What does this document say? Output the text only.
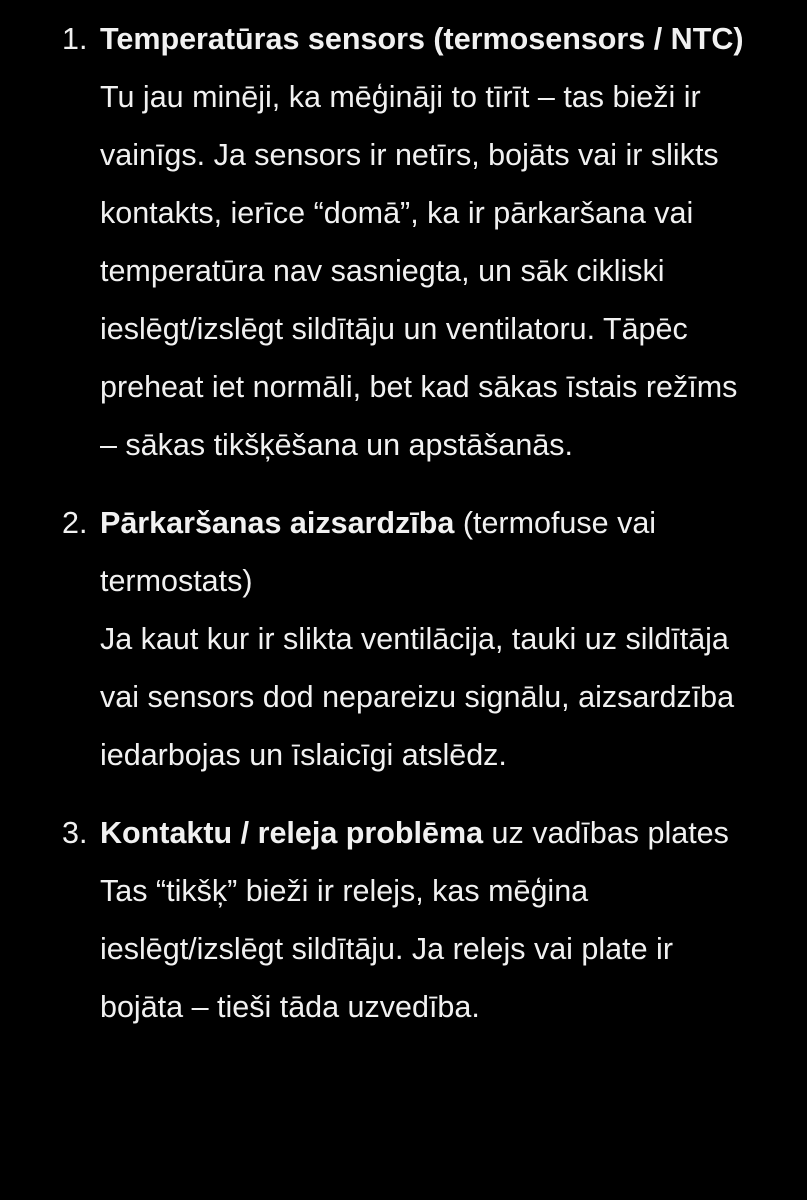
1. Temperatūras sensors (termosensors / NTC)
Tu jau minēji, ka mēģināji to tīrīt – tas bieži ir vainīgs. Ja sensors ir netīrs, bojāts vai ir slikts kontakts, ierīce “domā”, ka ir pārkaršana vai temperatūra nav sasniegta, un sāk cikliski ieslēgt/izslēgt sildītāju un ventilatoru. Tāpēc preheat iet normāli, bet kad sākas īstais režīms – sākas tikšķēšana un apstāšanās.
2. Pārkaršanas aizsardzība (termofuse vai termostats)
Ja kaut kur ir slikta ventilācija, tauki uz sildītāja vai sensors dod nepareizu signālu, aizsardzība iedarbojas un īslaicīgi atslēdz.
3. Kontaktu / releja problēma uz vadības plates
Tas “tikšķ” bieži ir relejs, kas mēģina ieslēgt/izslēgt sildītāju. Ja relejs vai plate ir bojāta – tieši tāda uzvedība.
